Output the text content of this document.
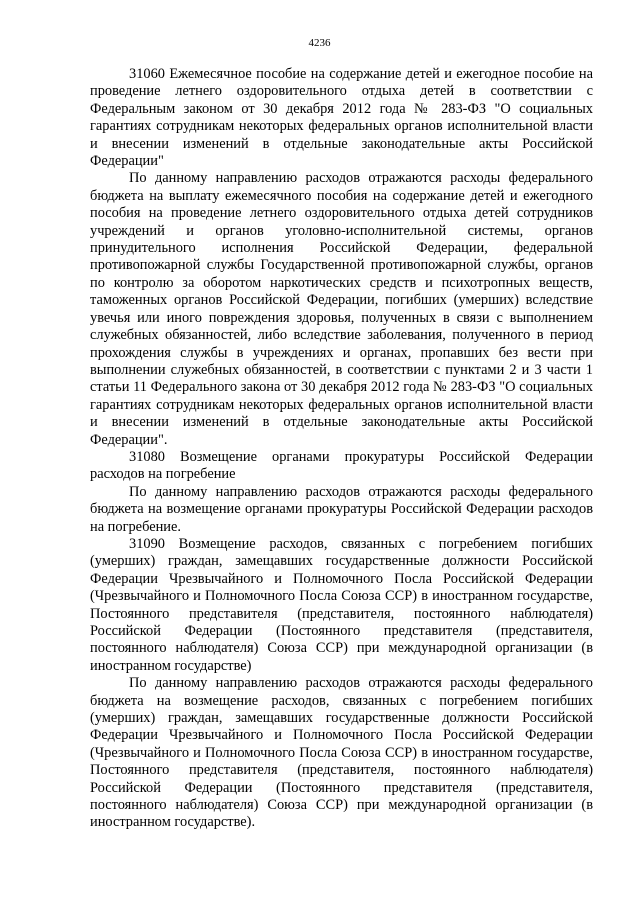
4236

31060 Ежемесячное пособие на содержание детей и ежегодное пособие на проведение летнего оздоровительного отдыха детей в соответствии с Федеральным законом от 30 декабря 2012 года № 283-ФЗ "О социальных гарантиях сотрудникам некоторых федеральных органов исполнительной власти и внесении изменений в отдельные законодательные акты Российской Федерации"

По данному направлению расходов отражаются расходы федерального бюджета на выплату ежемесячного пособия на содержание детей и ежегодного пособия на проведение летнего оздоровительного отдыха детей сотрудников учреждений и органов уголовно-исполнительной системы, органов принудительного исполнения Российской Федерации, федеральной противопожарной службы Государственной противопожарной службы, органов по контролю за оборотом наркотических средств и психотропных веществ, таможенных органов Российской Федерации, погибших (умерших) вследствие увечья или иного повреждения здоровья, полученных в связи с выполнением служебных обязанностей, либо вследствие заболевания, полученного в период прохождения службы в учреждениях и органах, пропавших без вести при выполнении служебных обязанностей, в соответствии с пунктами 2 и 3 части 1 статьи 11 Федерального закона от 30 декабря 2012 года № 283-ФЗ "О социальных гарантиях сотрудникам некоторых федеральных органов исполнительной власти и внесении изменений в отдельные законодательные акты Российской Федерации".

31080 Возмещение органами прокуратуры Российской Федерации расходов на погребение

По данному направлению расходов отражаются расходы федерального бюджета на возмещение органами прокуратуры Российской Федерации расходов на погребение.

31090 Возмещение расходов, связанных с погребением погибших (умерших) граждан, замещавших государственные должности Российской Федерации Чрезвычайного и Полномочного Посла Российской Федерации (Чрезвычайного и Полномочного Посла Союза ССР) в иностранном государстве, Постоянного представителя (представителя, постоянного наблюдателя) Российской Федерации (Постоянного представителя (представителя, постоянного наблюдателя) Союза ССР) при международной организации (в иностранном государстве)

По данному направлению расходов отражаются расходы федерального бюджета на возмещение расходов, связанных с погребением погибших (умерших) граждан, замещавших государственные должности Российской Федерации Чрезвычайного и Полномочного Посла Российской Федерации (Чрезвычайного и Полномочного Посла Союза ССР) в иностранном государстве, Постоянного представителя (представителя, постоянного наблюдателя) Российской Федерации (Постоянного представителя (представителя, постоянного наблюдателя) Союза ССР) при международной организации (в иностранном государстве).
